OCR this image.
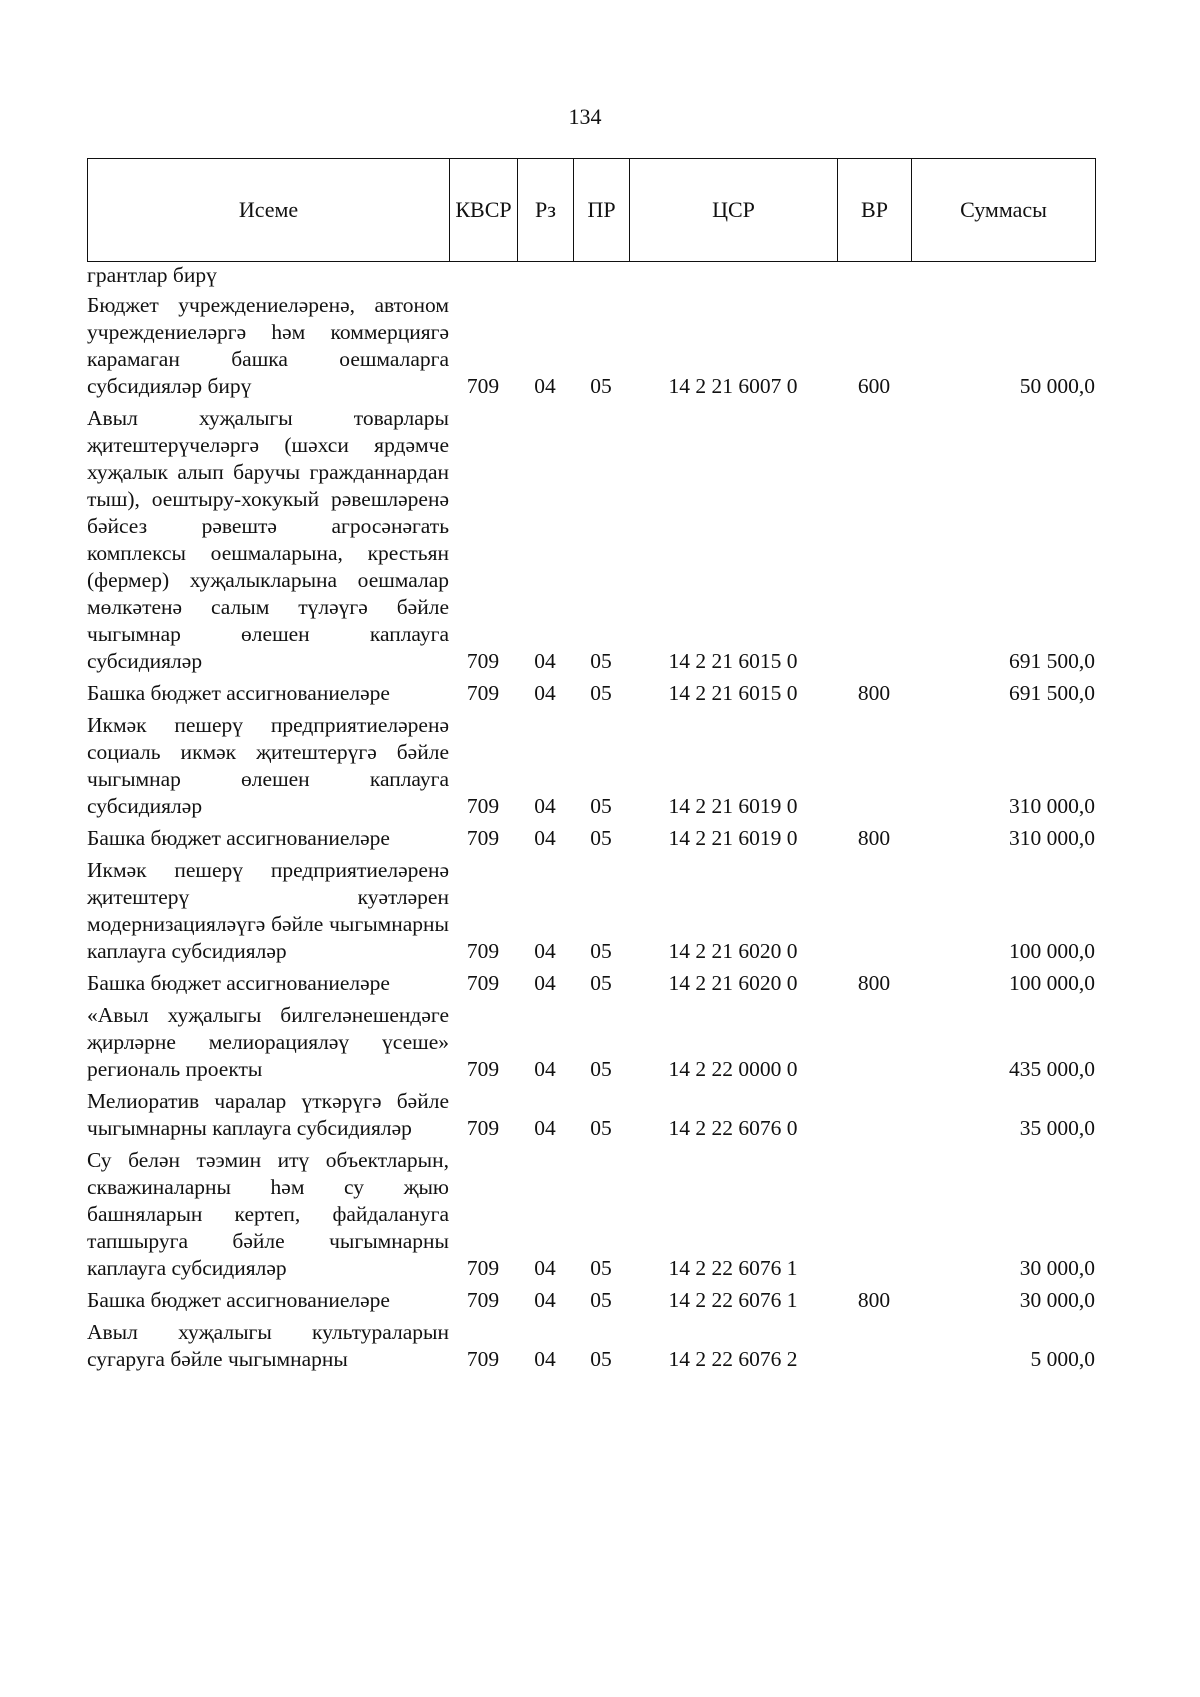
134
Исеме	КВСР	Рз	ПР	ЦСР	ВР	Суммасы
грантлар бирү						

Бюджет учреждениеләренә, автоном учреждениеләргә һәм коммерциягә карамаган башка оешмаларга субсидияләр бирү	709	04	05	14 2 21 6007 0	600	50 000,0

Авыл хуҗалыгы товарлары җитештерүчеләргә (шәхси ярдәмче хуҗалык алып баручы гражданнардан тыш), оештыру-хокукый рәвешләренә бәйсез рәвештә агросәнәгать комплексы оешмаларына, крестьян (фермер) хуҗалыкларына оешмалар мөлкәтенә салым түләүгә бәйле чыгымнар өлешен каплауга субсидияләр	709	04	05	14 2 21 6015 0		691 500,0

Башка бюджет ассигнованиеләре	709	04	05	14 2 21 6015 0	800	691 500,0

Икмәк пешерү предприятиеләренә социаль икмәк җитештерүгә бәйле чыгымнар өлешен каплауга субсидияләр	709	04	05	14 2 21 6019 0		310 000,0

Башка бюджет ассигнованиеләре	709	04	05	14 2 21 6019 0	800	310 000,0

Икмәк пешерү предприятиеләренә җитештерү куәтләрен модернизацияләүгә бәйле чыгымнарны каплауга субсидияләр	709	04	05	14 2 21 6020 0		100 000,0

Башка бюджет ассигнованиеләре	709	04	05	14 2 21 6020 0	800	100 000,0

«Авыл хуҗалыгы билгеләнешендәге җирләрне мелиорацияләү үсеше» региональ проекты	709	04	05	14 2 22 0000 0		435 000,0

Мелиоратив чаралар үткәрүгә бәйле чыгымнарны каплауга субсидияләр	709	04	05	14 2 22 6076 0		35 000,0

Су белән тәэмин итү объектларын, скважиналарны һәм су җыю башняларын кертеп, файдалануга тапшыруга бәйле чыгымнарны каплауга субсидияләр	709	04	05	14 2 22 6076 1		30 000,0

Башка бюджет ассигнованиеләре	709	04	05	14 2 22 6076 1	800	30 000,0

Авыл хуҗалыгы культураларын сугаруга бәйле чыгымнарны	709	04	05	14 2 22 6076 2		5 000,0
